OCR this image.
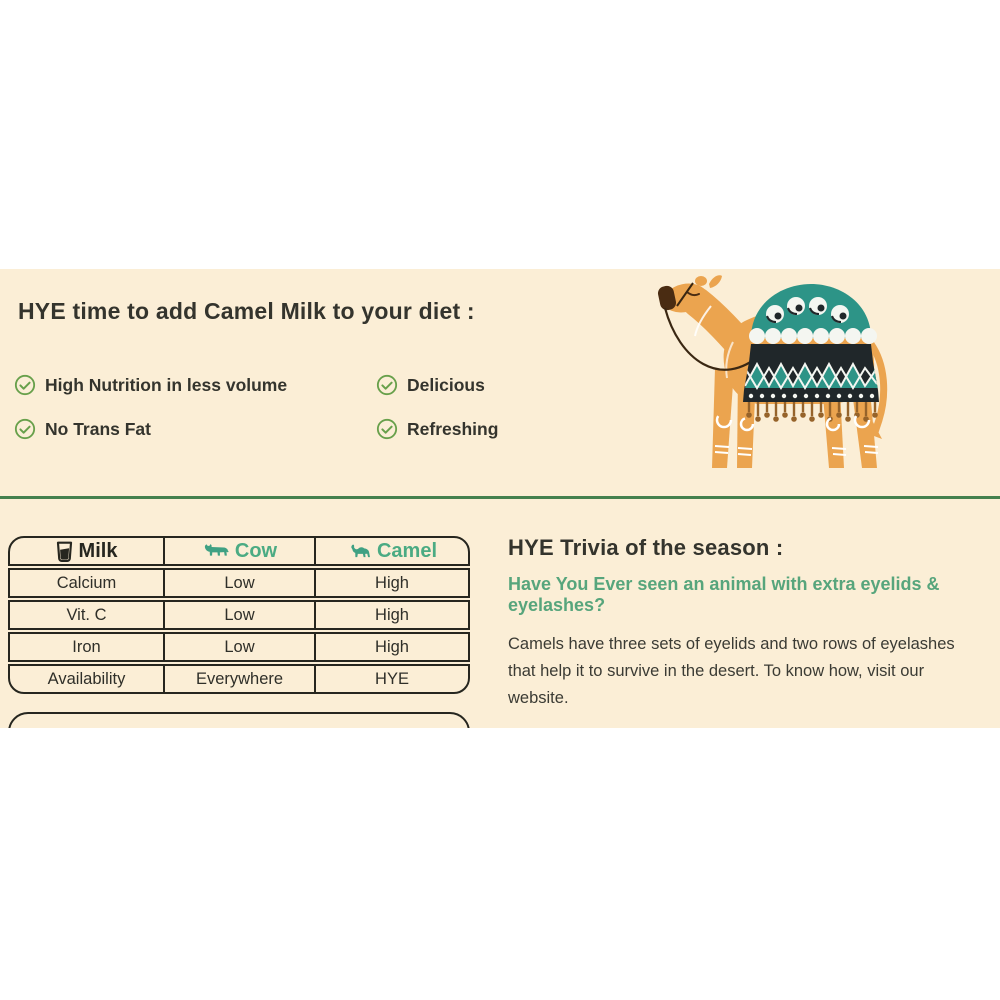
HYE time to add Camel Milk to your diet :
High Nutrition in less volume
No Trans Fat
Delicious
Refreshing
Milk	Cow	Camel
Calcium	Low	High
Vit. C	Low	High
Iron	Low	High
Availability	Everywhere	HYE
HYE Trivia of the season :
Have You Ever seen an animal with extra eyelids & eyelashes?
Camels have three sets of eyelids and two rows of eyelashes that help it to survive in the desert. To know how, visit our website.
